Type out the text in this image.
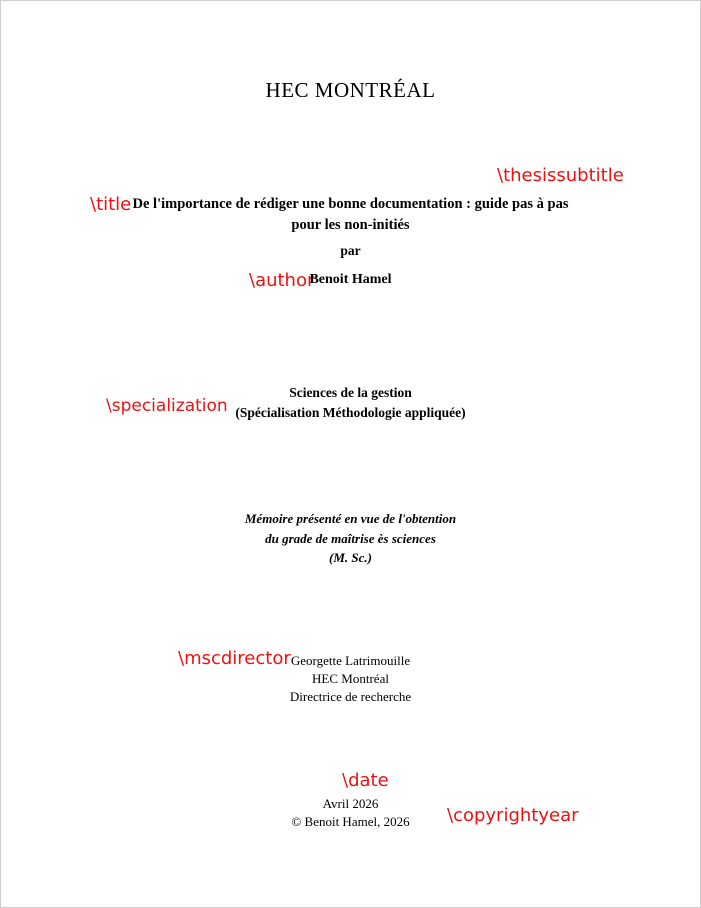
HEC MONTRÉAL
\thesissubtitle
\title De l'importance de rédiger une bonne documentation : guide pas à pas pour les non-initiés
par
\author
Benoit Hamel
\specialization
Sciences de la gestion
(Spécialisation Méthodologie appliquée)
Mémoire présenté en vue de l'obtention
du grade de maîtrise ès sciences
(M. Sc.)
\mscdirector Georgette Latrimouille
HEC Montréal
Directrice de recherche
\date
\copyrightyear
Avril 2026
© Benoit Hamel, 2026
